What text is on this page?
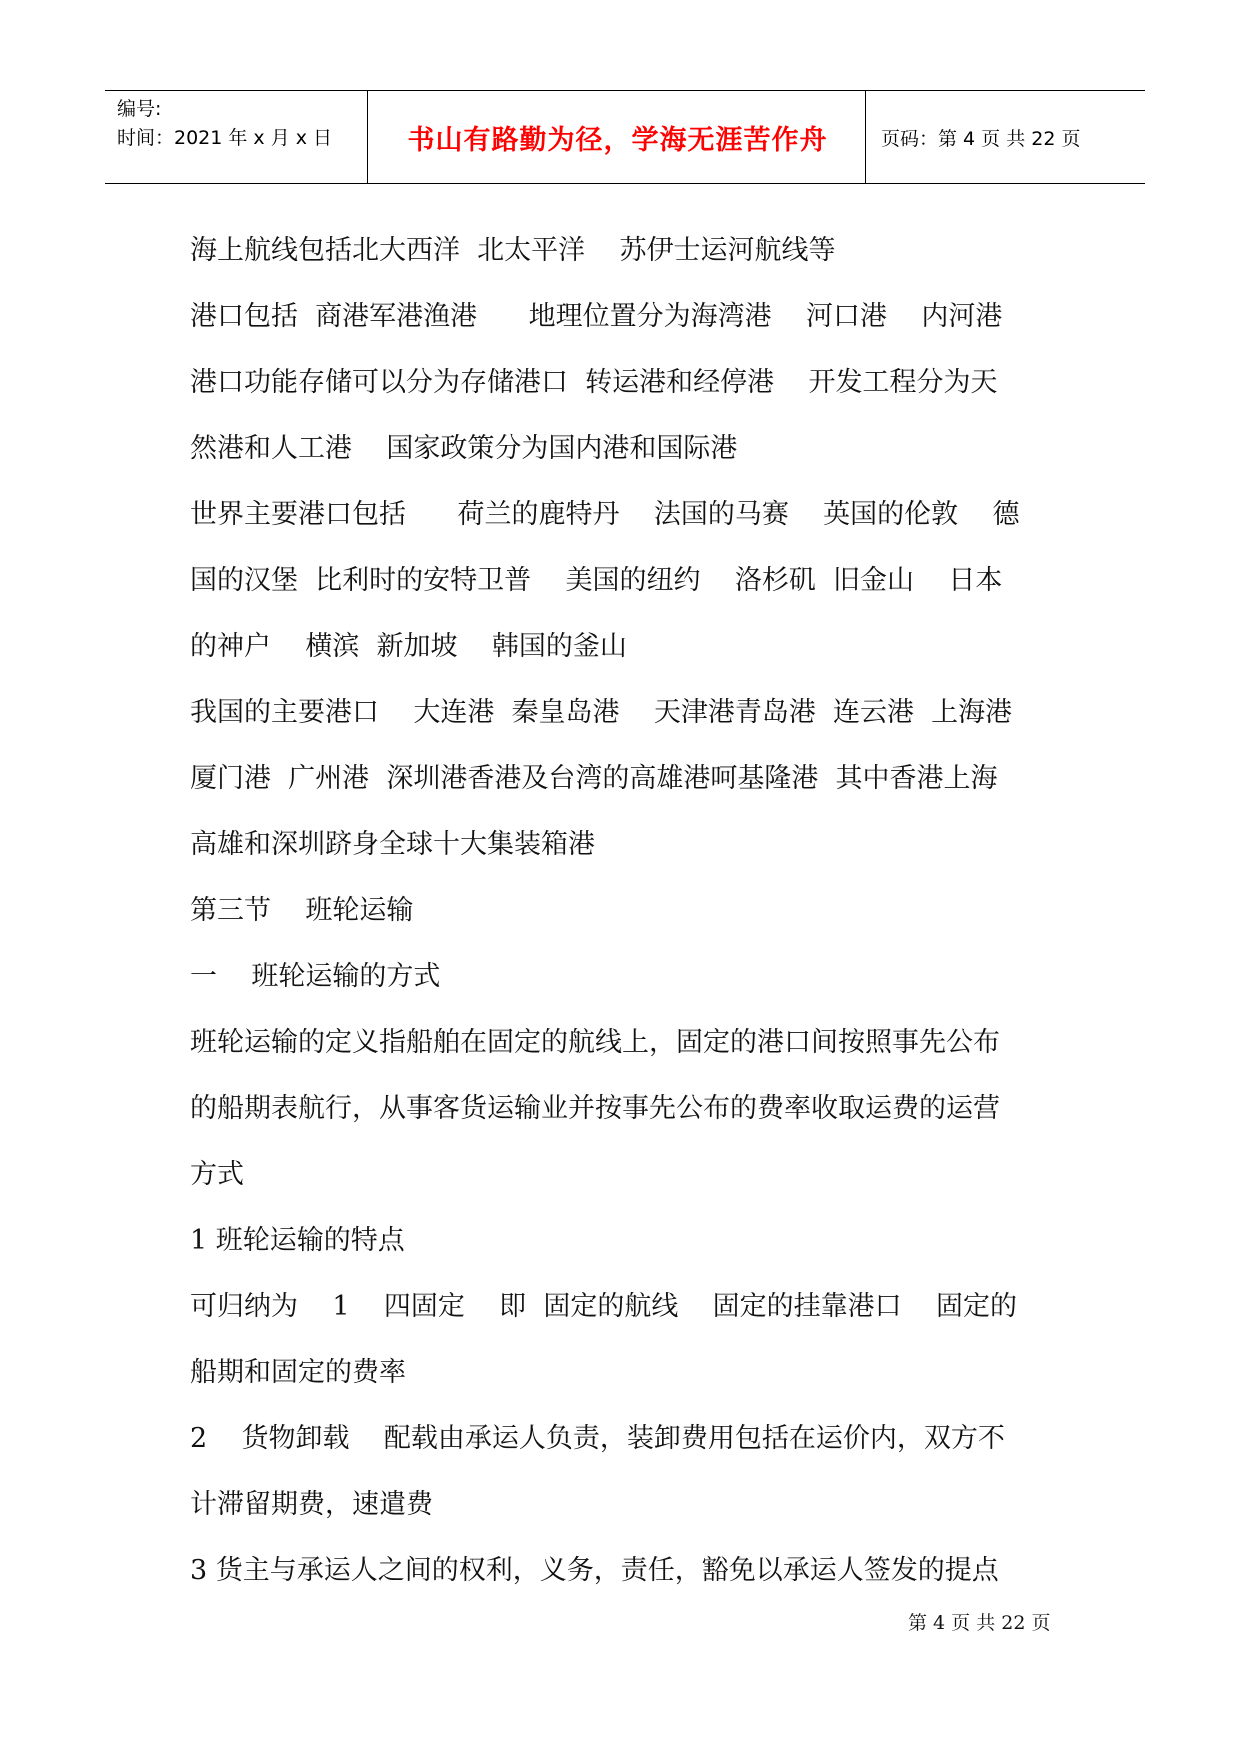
编号:
时间：2021 年 x 月 x 日	书山有路勤为径，学海无涯苦作舟	页码：第 4 页 共 22 页
海上航线包括北大西洋  北太平洋    苏伊士运河航线等
港口包括  商港军港渔港      地理位置分为海湾港    河口港    内河港
港口功能存储可以分为存储港口  转运港和经停港    开发工程分为天
然港和人工港    国家政策分为国内港和国际港
世界主要港口包括      荷兰的鹿特丹    法国的马赛    英国的伦敦    德
国的汉堡  比利时的安特卫普    美国的纽约    洛杉矶  旧金山    日本
的神户    横滨  新加坡    韩国的釜山
我国的主要港口    大连港  秦皇岛港    天津港青岛港  连云港  上海港
厦门港  广州港  深圳港香港及台湾的高雄港呵基隆港  其中香港上海
高雄和深圳跻身全球十大集装箱港
第三节    班轮运输
一    班轮运输的方式
班轮运输的定义指船舶在固定的航线上，固定的港口间按照事先公布
的船期表航行，从事客货运输业并按事先公布的费率收取运费的运营
方式
1 班轮运输的特点
可归纳为    1    四固定    即  固定的航线    固定的挂靠港口    固定的
船期和固定的费率
2    货物卸载    配载由承运人负责，装卸费用包括在运价内，双方不
计滞留期费，速遣费
3 货主与承运人之间的权利，义务，责任，豁免以承运人签发的提点
第 4 页 共 22 页
